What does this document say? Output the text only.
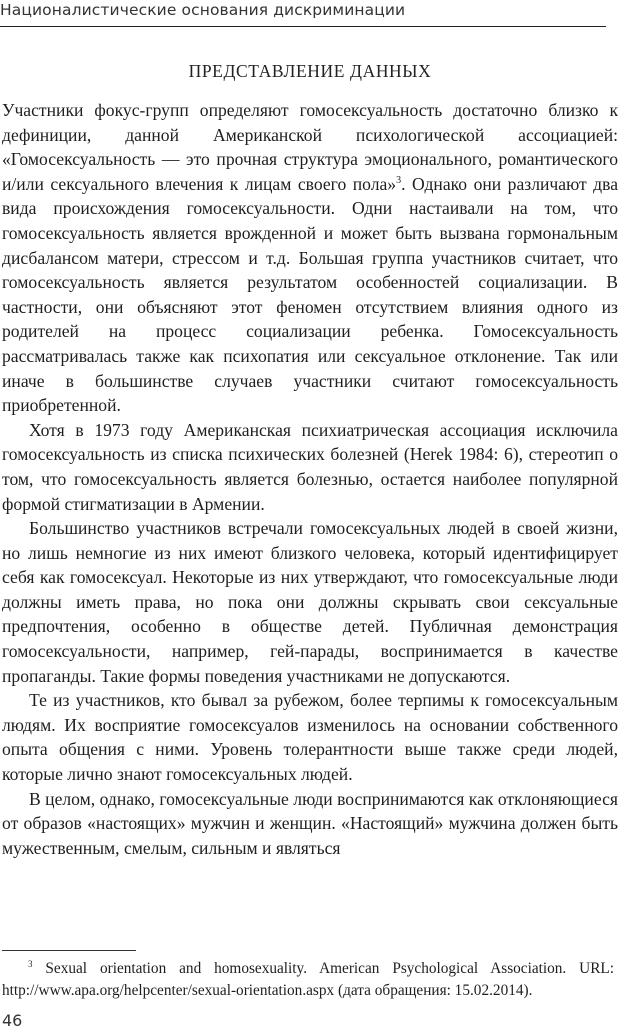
Националистические основания дискриминации
ПРЕДСТАВЛЕНИЕ ДАННЫХ

Участники фокус-групп определяют гомосексуальность достаточно близко к дефиниции, данной Американской психологической ассоциацией: «Гомосексуальность — это прочная структура эмоционального, романтического и/или сексуального влечения к лицам своего пола»$^3$. Однако они различают два вида происхождения гомосексуальности. Одни настаивали на том, что гомосексуальность является врожденной и может быть вызвана гормональным дисбалансом матери, стрессом и т.д. Большая группа участников считает, что гомосексуальность является результатом особенностей социализации. В частности, они объясняют этот феномен отсутствием влияния одного из родителей на процесс социализации ребенка. Гомосексуальность рассматривалась также как психопатия или сексуальное отклонение. Так или иначе в большинстве случаев участники считают гомосексуальность приобретенной.

Хотя в 1973 году Американская психиатрическая ассоциация исключила гомосексуальность из списка психических болезней (Herek 1984: 6), стереотип о том, что гомосексуальность является болезнью, остается наиболее популярной формой стигматизации в Армении.

Большинство участников встречали гомосексуальных людей в своей жизни, но лишь немногие из них имеют близкого человека, который идентифицирует себя как гомосексуал. Некоторые из них утверждают, что гомосексуальные люди должны иметь права, но пока они должны скрывать свои сексуальные предпочтения, особенно в обществе детей. Публичная демонстрация гомосексуальности, например, гей-парады, воспринимается в качестве пропаганды. Такие формы поведения участниками не допускаются.

Те из участников, кто бывал за рубежом, более терпимы к гомосексуальным людям. Их восприятие гомосексуалов изменилось на основании собственного опыта общения с ними. Уровень толерантности выше также среди людей, которые лично знают гомосексуальных людей.

В целом, однако, гомосексуальные люди воспринимаются как отклоняющиеся от образов «настоящих» мужчин и женщин. «Настоящий» мужчина должен быть мужественным, смелым, сильным и являться

$^3$ Sexual orientation and homosexuality. American Psychological Association. URL: http://www.apa.org/helpcenter/sexual-orientation.aspx (дата обращения: 15.02.2014).
46
